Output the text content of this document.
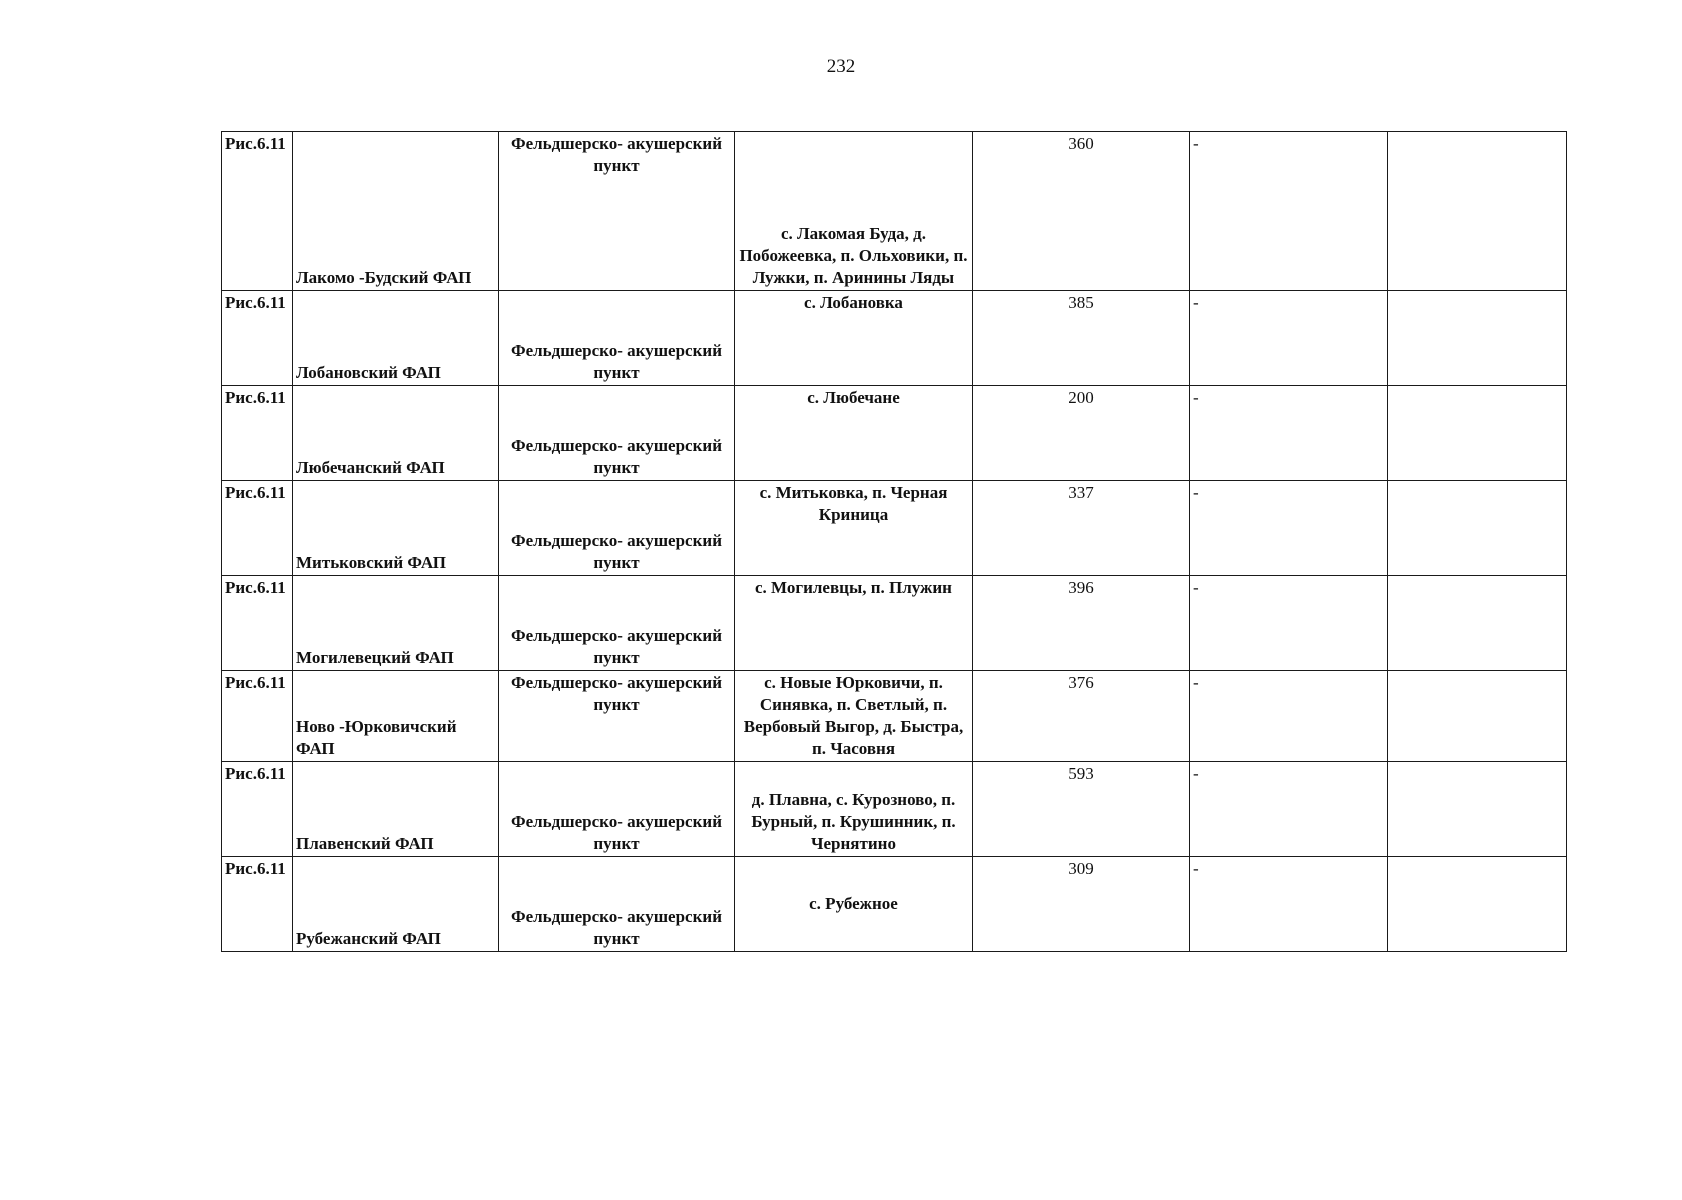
232
Рис.6.11	Лакомо -Будский ФАП	Фельдшерско- акушерский пункт	с. Лакомая Буда, д. Побожеевка, п. Ольховики, п. Лужки, п. Аринины Ляды	360	-	
Рис.6.11	Лобановский ФАП	Фельдшерско- акушерский пункт	с. Лобановка	385	-	
Рис.6.11	Любечанский ФАП	Фельдшерско- акушерский пункт	с. Любечане	200	-	
Рис.6.11	Митьковский ФАП	Фельдшерско- акушерский пункт	с. Митьковка, п. Черная Криница	337	-	
Рис.6.11	Могилевецкий ФАП	Фельдшерско- акушерский пункт	с. Могилевцы, п. Плужин	396	-	
Рис.6.11	Ново -Юрковичский ФАП	Фельдшерско- акушерский пункт	с. Новые Юрковичи, п. Синявка, п. Светлый, п. Вербовый Выгор, д. Быстра, п. Часовня	376	-	
Рис.6.11	Плавенский ФАП	Фельдшерско- акушерский пункт	д. Плавна, с. Курозново, п. Бурный, п. Крушинник, п. Чернятино	593	-	
Рис.6.11	Рубежанский ФАП	Фельдшерско- акушерский пункт	с. Рубежное	309	-	
